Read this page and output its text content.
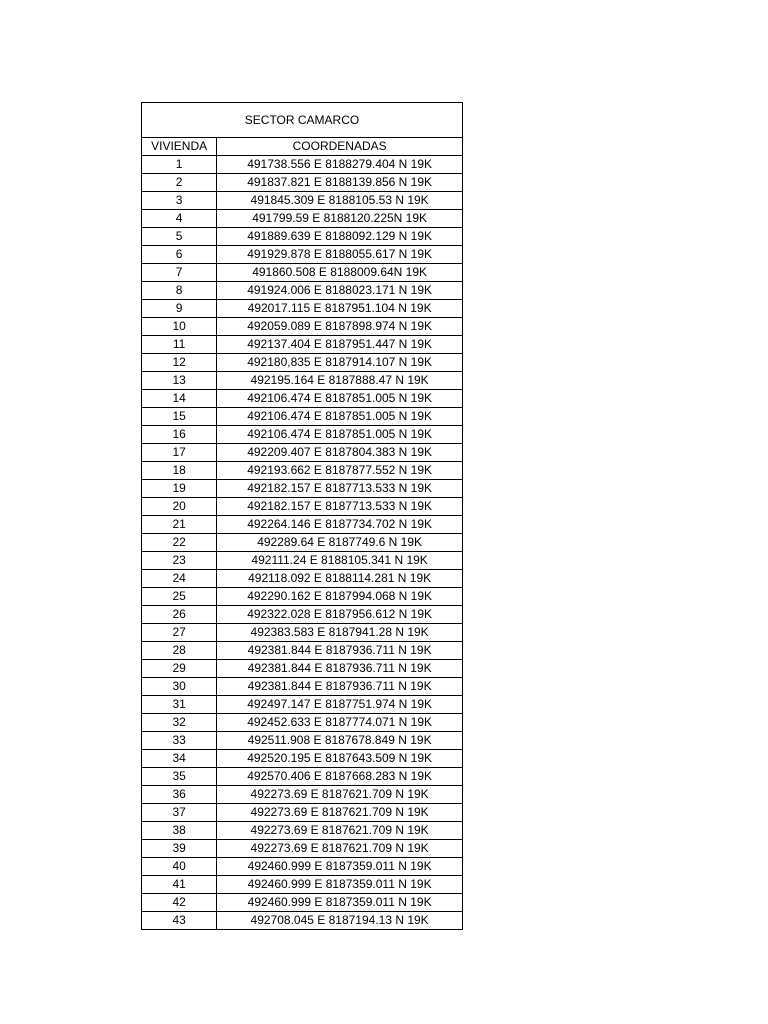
SECTOR CAMARCO	
VIVIENDA	COORDENADAS
1	491738.556 E 8188279.404 N 19K
2	491837.821 E 8188139.856 N 19K
3	491845.309 E 8188105.53 N 19K
4	491799.59 E 8188120.225N 19K
5	491889.639 E 8188092.129 N 19K
6	491929.878 E 8188055.617 N 19K
7	491860.508 E 8188009.64N 19K
8	491924.006 E 8188023.171 N 19K
9	492017.115 E 8187951.104 N 19K
10	492059.089 E 8187898.974 N 19K
11	492137.404 E 8187951.447 N 19K
12	492180,835 E 8187914.107 N 19K
13	492195.164 E 8187888.47 N 19K
14	492106.474 E 8187851.005 N 19K
15	492106.474 E 8187851.005 N 19K
16	492106.474 E 8187851.005 N 19K
17	492209.407 E 8187804.383 N 19K
18	492193.662 E 8187877.552 N 19K
19	492182.157 E 8187713.533 N 19K
20	492182.157 E 8187713.533 N 19K
21	492264.146 E 8187734.702 N 19K
22	492289.64 E 8187749.6 N 19K
23	492111.24 E 8188105.341 N 19K
24	492118.092 E 8188114.281 N 19K
25	492290.162 E 8187994.068 N 19K
26	492322.028 E 8187956.612 N 19K
27	492383.583 E 8187941.28 N 19K
28	492381.844 E 8187936.711 N 19K
29	492381.844 E 8187936.711 N 19K
30	492381.844 E 8187936.711 N 19K
31	492497.147 E 8187751.974 N 19K
32	492452.633 E 8187774.071 N 19K
33	492511.908 E 8187678.849 N 19K
34	492520.195 E 8187643.509 N 19K
35	492570.406 E 8187668.283 N 19K
36	492273.69 E 8187621.709 N 19K
37	492273.69 E 8187621.709 N 19K
38	492273.69 E 8187621.709 N 19K
39	492273.69 E 8187621.709 N 19K
40	492460.999 E 8187359.011 N 19K
41	492460.999 E 8187359.011 N 19K
42	492460.999 E 8187359.011 N 19K
43	492708.045 E 8187194.13 N 19K
